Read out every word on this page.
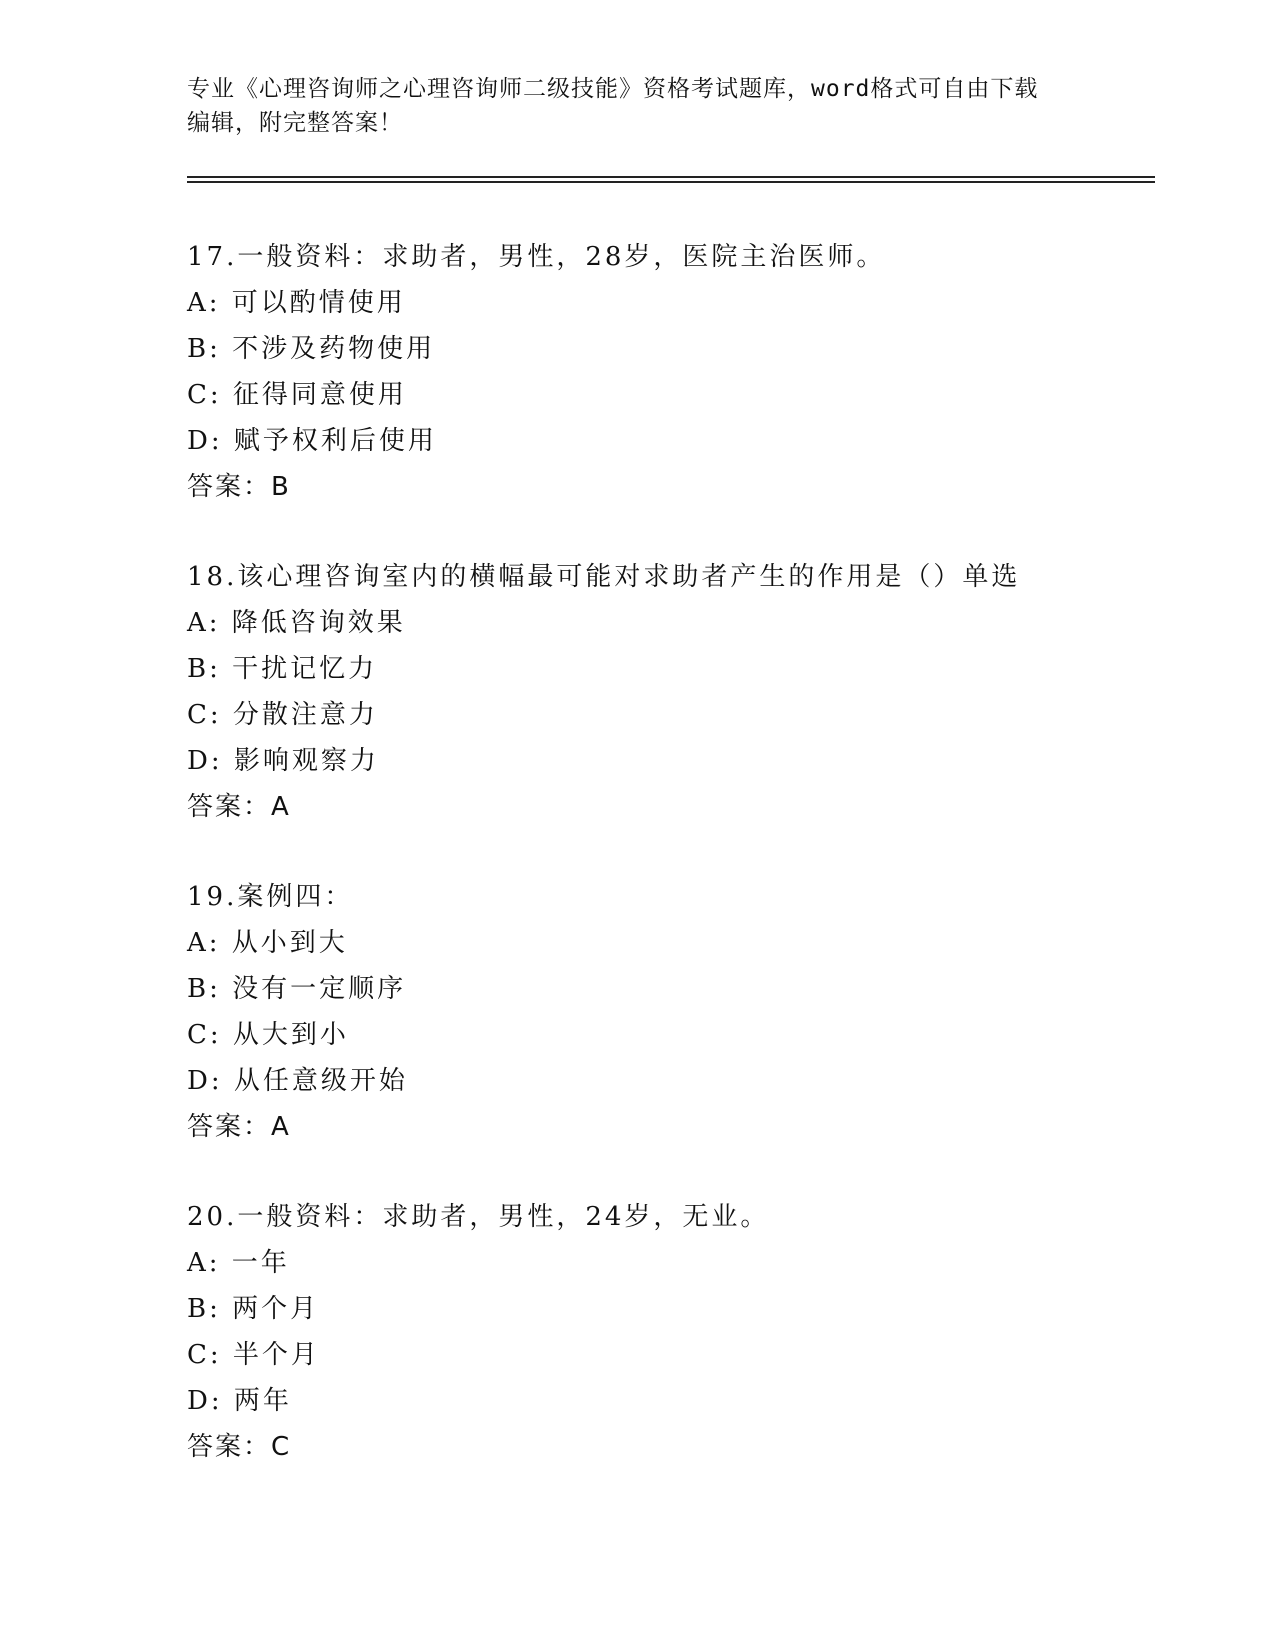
专业《心理咨询师之心理咨询师二级技能》资格考试题库，word格式可自由下载
编辑，附完整答案！
17.一般资料：求助者，男性，28岁，医院主治医师。
A: 可以酌情使用
B: 不涉及药物使用
C: 征得同意使用
D: 赋予权利后使用
答案：B
18.该心理咨询室内的横幅最可能对求助者产生的作用是（）单选
A: 降低咨询效果
B: 干扰记忆力
C: 分散注意力
D: 影响观察力
答案：A
19.案例四：
A: 从小到大
B: 没有一定顺序
C: 从大到小
D: 从任意级开始
答案：A
20.一般资料：求助者，男性，24岁，无业。
A: 一年
B: 两个月
C: 半个月
D: 两年
答案：C
